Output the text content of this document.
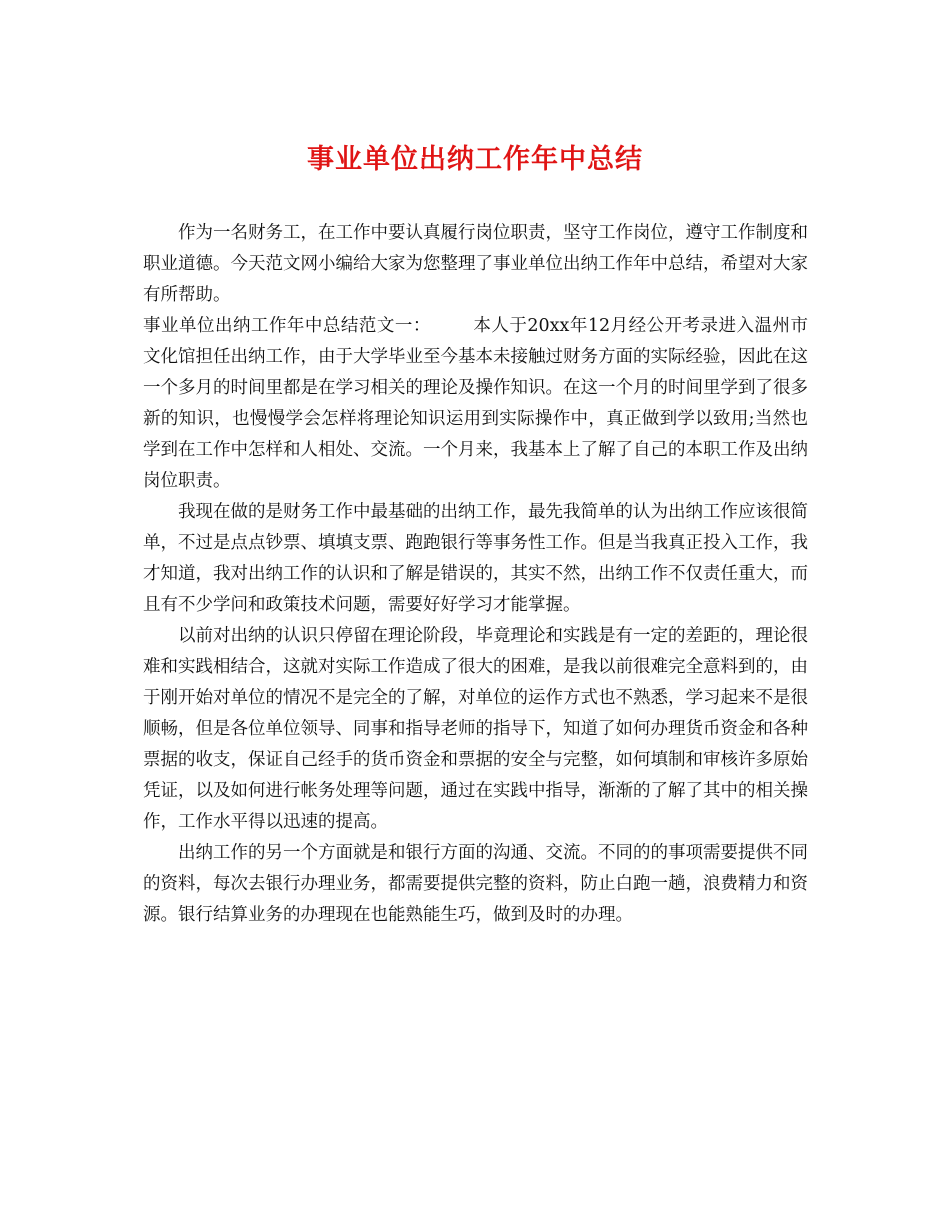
事业单位出纳工作年中总结

作为一名财务工，在工作中要认真履行岗位职责，坚守工作岗位，遵守工作制度和职业道德。今天范文网小编给大家为您整理了事业单位出纳工作年中总结，希望对大家有所帮助。

事业单位出纳工作年中总结范文一： 本人于20xx年12月经公开考录进入温州市文化馆担任出纳工作，由于大学毕业至今基本未接触过财务方面的实际经验，因此在这一个多月的时间里都是在学习相关的理论及操作知识。在这一个月的时间里学到了很多新的知识，也慢慢学会怎样将理论知识运用到实际操作中，真正做到学以致用;当然也学到在工作中怎样和人相处、交流。一个月来，我基本上了解了自己的本职工作及出纳岗位职责。

我现在做的是财务工作中最基础的出纳工作，最先我简单的认为出纳工作应该很简单，不过是点点钞票、填填支票、跑跑银行等事务性工作。但是当我真正投入工作，我才知道，我对出纳工作的认识和了解是错误的，其实不然，出纳工作不仅责任重大，而且有不少学问和政策技术问题，需要好好学习才能掌握。

以前对出纳的认识只停留在理论阶段，毕竟理论和实践是有一定的差距的，理论很难和实践相结合，这就对实际工作造成了很大的困难，是我以前很难完全意料到的，由于刚开始对单位的情况不是完全的了解，对单位的运作方式也不熟悉，学习起来不是很顺畅，但是各位单位领导、同事和指导老师的指导下，知道了如何办理货币资金和各种票据的收支，保证自己经手的货币资金和票据的安全与完整，如何填制和审核许多原始凭证，以及如何进行帐务处理等问题，通过在实践中指导，渐渐的了解了其中的相关操作，工作水平得以迅速的提高。

出纳工作的另一个方面就是和银行方面的沟通、交流。不同的的事项需要提供不同的资料，每次去银行办理业务，都需要提供完整的资料，防止白跑一趟，浪费精力和资源。银行结算业务的办理现在也能熟能生巧，做到及时的办理。
